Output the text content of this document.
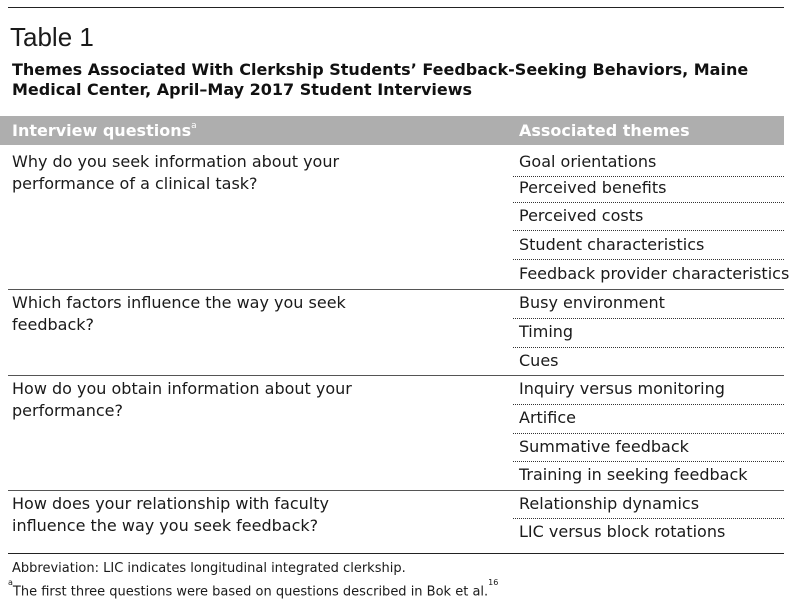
Table 1
Themes Associated With Clerkship Students’ Feedback-Seeking Behaviors, Maine
Medical Center, April–May 2017 Student Interviews
Interview questions$^a$	Associated themes
Why do you seek information about your
performance of a clinical task?
Goal orientations
Perceived benefits
Perceived costs
Student characteristics
Feedback provider characteristics
Which factors influence the way you seek
feedback?
Busy environment
Timing
Cues
How do you obtain information about your
performance?
Inquiry versus monitoring
Artifice
Summative feedback
Training in seeking feedback
How does your relationship with faculty
influence the way you seek feedback?
Relationship dynamics
LIC versus block rotations
Abbreviation: LIC indicates longitudinal integrated clerkship.
$^a$The first three questions were based on questions described in Bok et al.$^{16}$
